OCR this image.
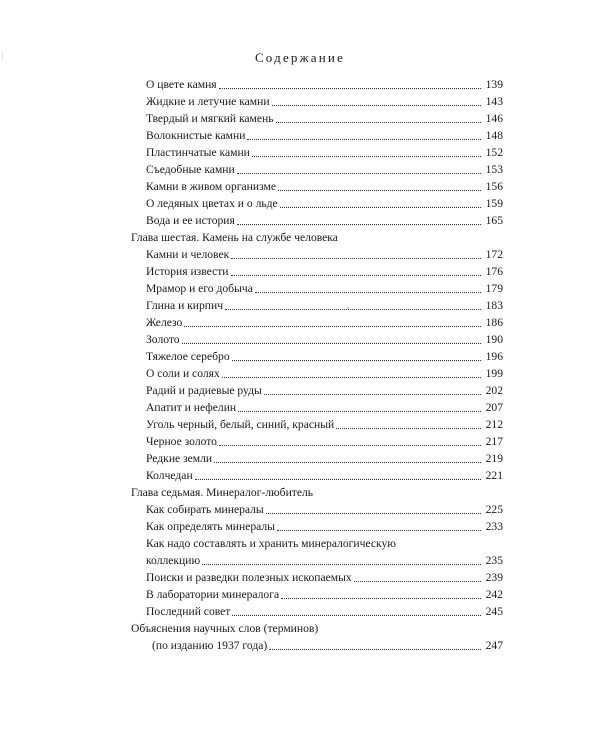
Содержание
О цвете камня	139
Жидкие и летучие камни	143
Твердый и мягкий камень	146
Волокнистые камни	148
Пластинчатые камни	152
Съедобные камни	153
Камни в живом организме	156
О ледяных цветах и о льде	159
Вода и ее история	165
Глава шестая. Камень на службе человека
Камни и человек	172
История извести	176
Мрамор и его добыча	179
Глина и кирпич	183
Железо	186
Золото	190
Тяжелое серебро	196
О соли и солях	199
Радий и радиевые руды	202
Апатит и нефелин	207
Уголь черный, белый, синий, красный	212
Черное золото	217
Редкие земли	219
Колчедан	221
Глава седьмая. Минералог-любитель
Как собирать минералы	225
Как определять минералы	233
Как надо составлять и хранить минералогическую
коллекцию	235
Поиски и разведки полезных ископаемых	239
В лаборатории минералога	242
Последний совет	245
Объяснения научных слов (терминов)
(по изданию 1937 года)	247
